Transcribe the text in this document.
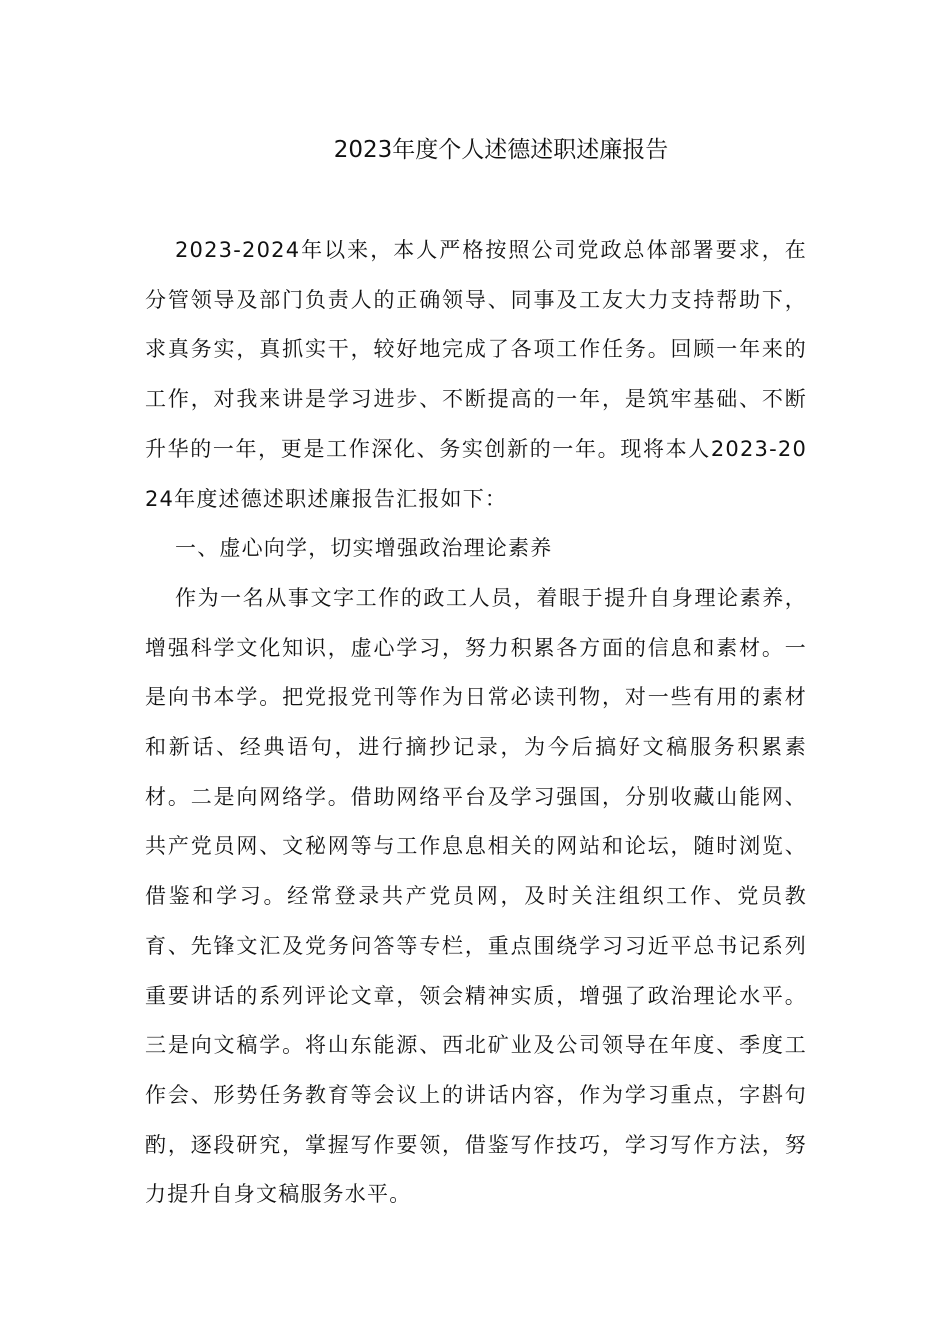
2023年度个人述德述职述廉报告

2023-2024年以来，本人严格按照公司党政总体部署要求，在分管领导及部门负责人的正确领导、同事及工友大力支持帮助下，求真务实，真抓实干，较好地完成了各项工作任务。回顾一年来的工作，对我来讲是学习进步、不断提高的一年，是筑牢基础、不断升华的一年，更是工作深化、务实创新的一年。现将本人2023-2024年度述德述职述廉报告汇报如下：

一、虚心向学，切实增强政治理论素养

作为一名从事文字工作的政工人员，着眼于提升自身理论素养，增强科学文化知识，虚心学习，努力积累各方面的信息和素材。一是向书本学。把党报党刊等作为日常必读刊物，对一些有用的素材和新话、经典语句，进行摘抄记录，为今后搞好文稿服务积累素材。二是向网络学。借助网络平台及学习强国，分别收藏山能网、共产党员网、文秘网等与工作息息相关的网站和论坛，随时浏览、借鉴和学习。经常登录共产党员网，及时关注组织工作、党员教育、先锋文汇及党务问答等专栏，重点围绕学习习近平总书记系列重要讲话的系列评论文章，领会精神实质，增强了政治理论水平。三是向文稿学。将山东能源、西北矿业及公司领导在年度、季度工作会、形势任务教育等会议上的讲话内容，作为学习重点，字斟句酌，逐段研究，掌握写作要领，借鉴写作技巧，学习写作方法，努力提升自身文稿服务水平。
